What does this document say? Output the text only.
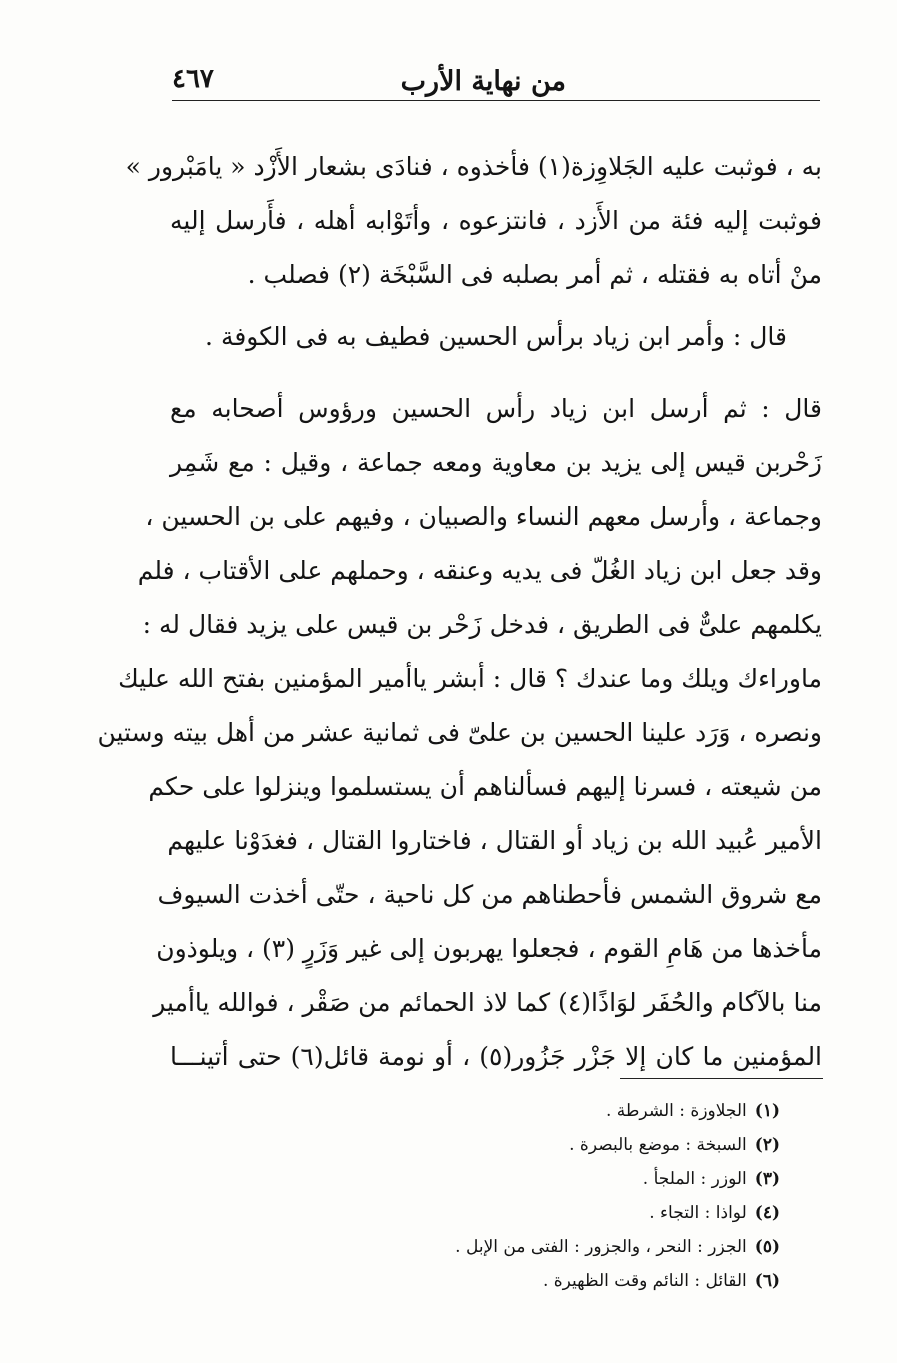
من نهاية الأرب
٤٦٧
به ، فوثبت عليه الجَلاوِزة(١) فأخذوه ، فنادَى بشعار الأَزْد « يامَبْرور »
فوثبت إليه فئة من الأَزد ، فانتزعوه ، وأتَوْابه أهله ، فأَرسل إليه
منْ أتاه به فقتله ، ثم أمر بصلبه فى السَّبْخَة (٢) فصلب .
قال : وأمر ابن زياد برأس الحسين فطيف به فى الكوفة .
قال : ثم أرسل ابن زياد رأس الحسين ورؤوس أصحابه مع
زَحْربن قيس إلى يزيد بن معاوية ومعه جماعة ، وقيل : مع شَمِر
وجماعة ، وأرسل معهم النساء والصبيان ، وفيهم على بن الحسين ،
وقد جعل ابن زياد الغُلّ فى يديه وعنقه ، وحملهم على الأقتاب ، فلم
يكلمهم علىٌّ فى الطريق ، فدخل زَحْر بن قيس على يزيد فقال له :
ماوراءك ويلك وما عندك ؟ قال : أبشر ياأمير المؤمنين بفتح الله عليك
ونصره ، وَرَد علينا الحسين بن علىّ فى ثمانية عشر من أهل بيته وستين
من شيعته ، فسرنا إليهم فسألناهم أن يستسلموا وينزلوا على حكم
الأمير عُبيد الله بن زياد أو القتال ، فاختاروا القتال ، فغدَوْنا عليهم
مع شروق الشمس فأحطناهم من كل ناحية ، حتّى أخذت السيوف
مأخذها من هَامِ القوم ، فجعلوا يهربون إلى غير وَزَرٍ (٣) ، ويلوذون
منا بالآكام والحُفَر لوَاذًا(٤) كما لاذ الحمائم من صَقْر ، فوالله ياأمير
المؤمنين ما كان إلا جَزْر جَزُور(٥) ، أو نومة قائل(٦) حتى أتينـــا
(١)الجلاوزة : الشرطة .
(٢)السبخة : موضع بالبصرة .
(٣)الوزر : الملجأ .
(٤)لواذا : التجاء .
(٥)الجزر : النحر ، والجزور : الفتى من الإبل .
(٦)القائل : النائم وقت الظهيرة .
